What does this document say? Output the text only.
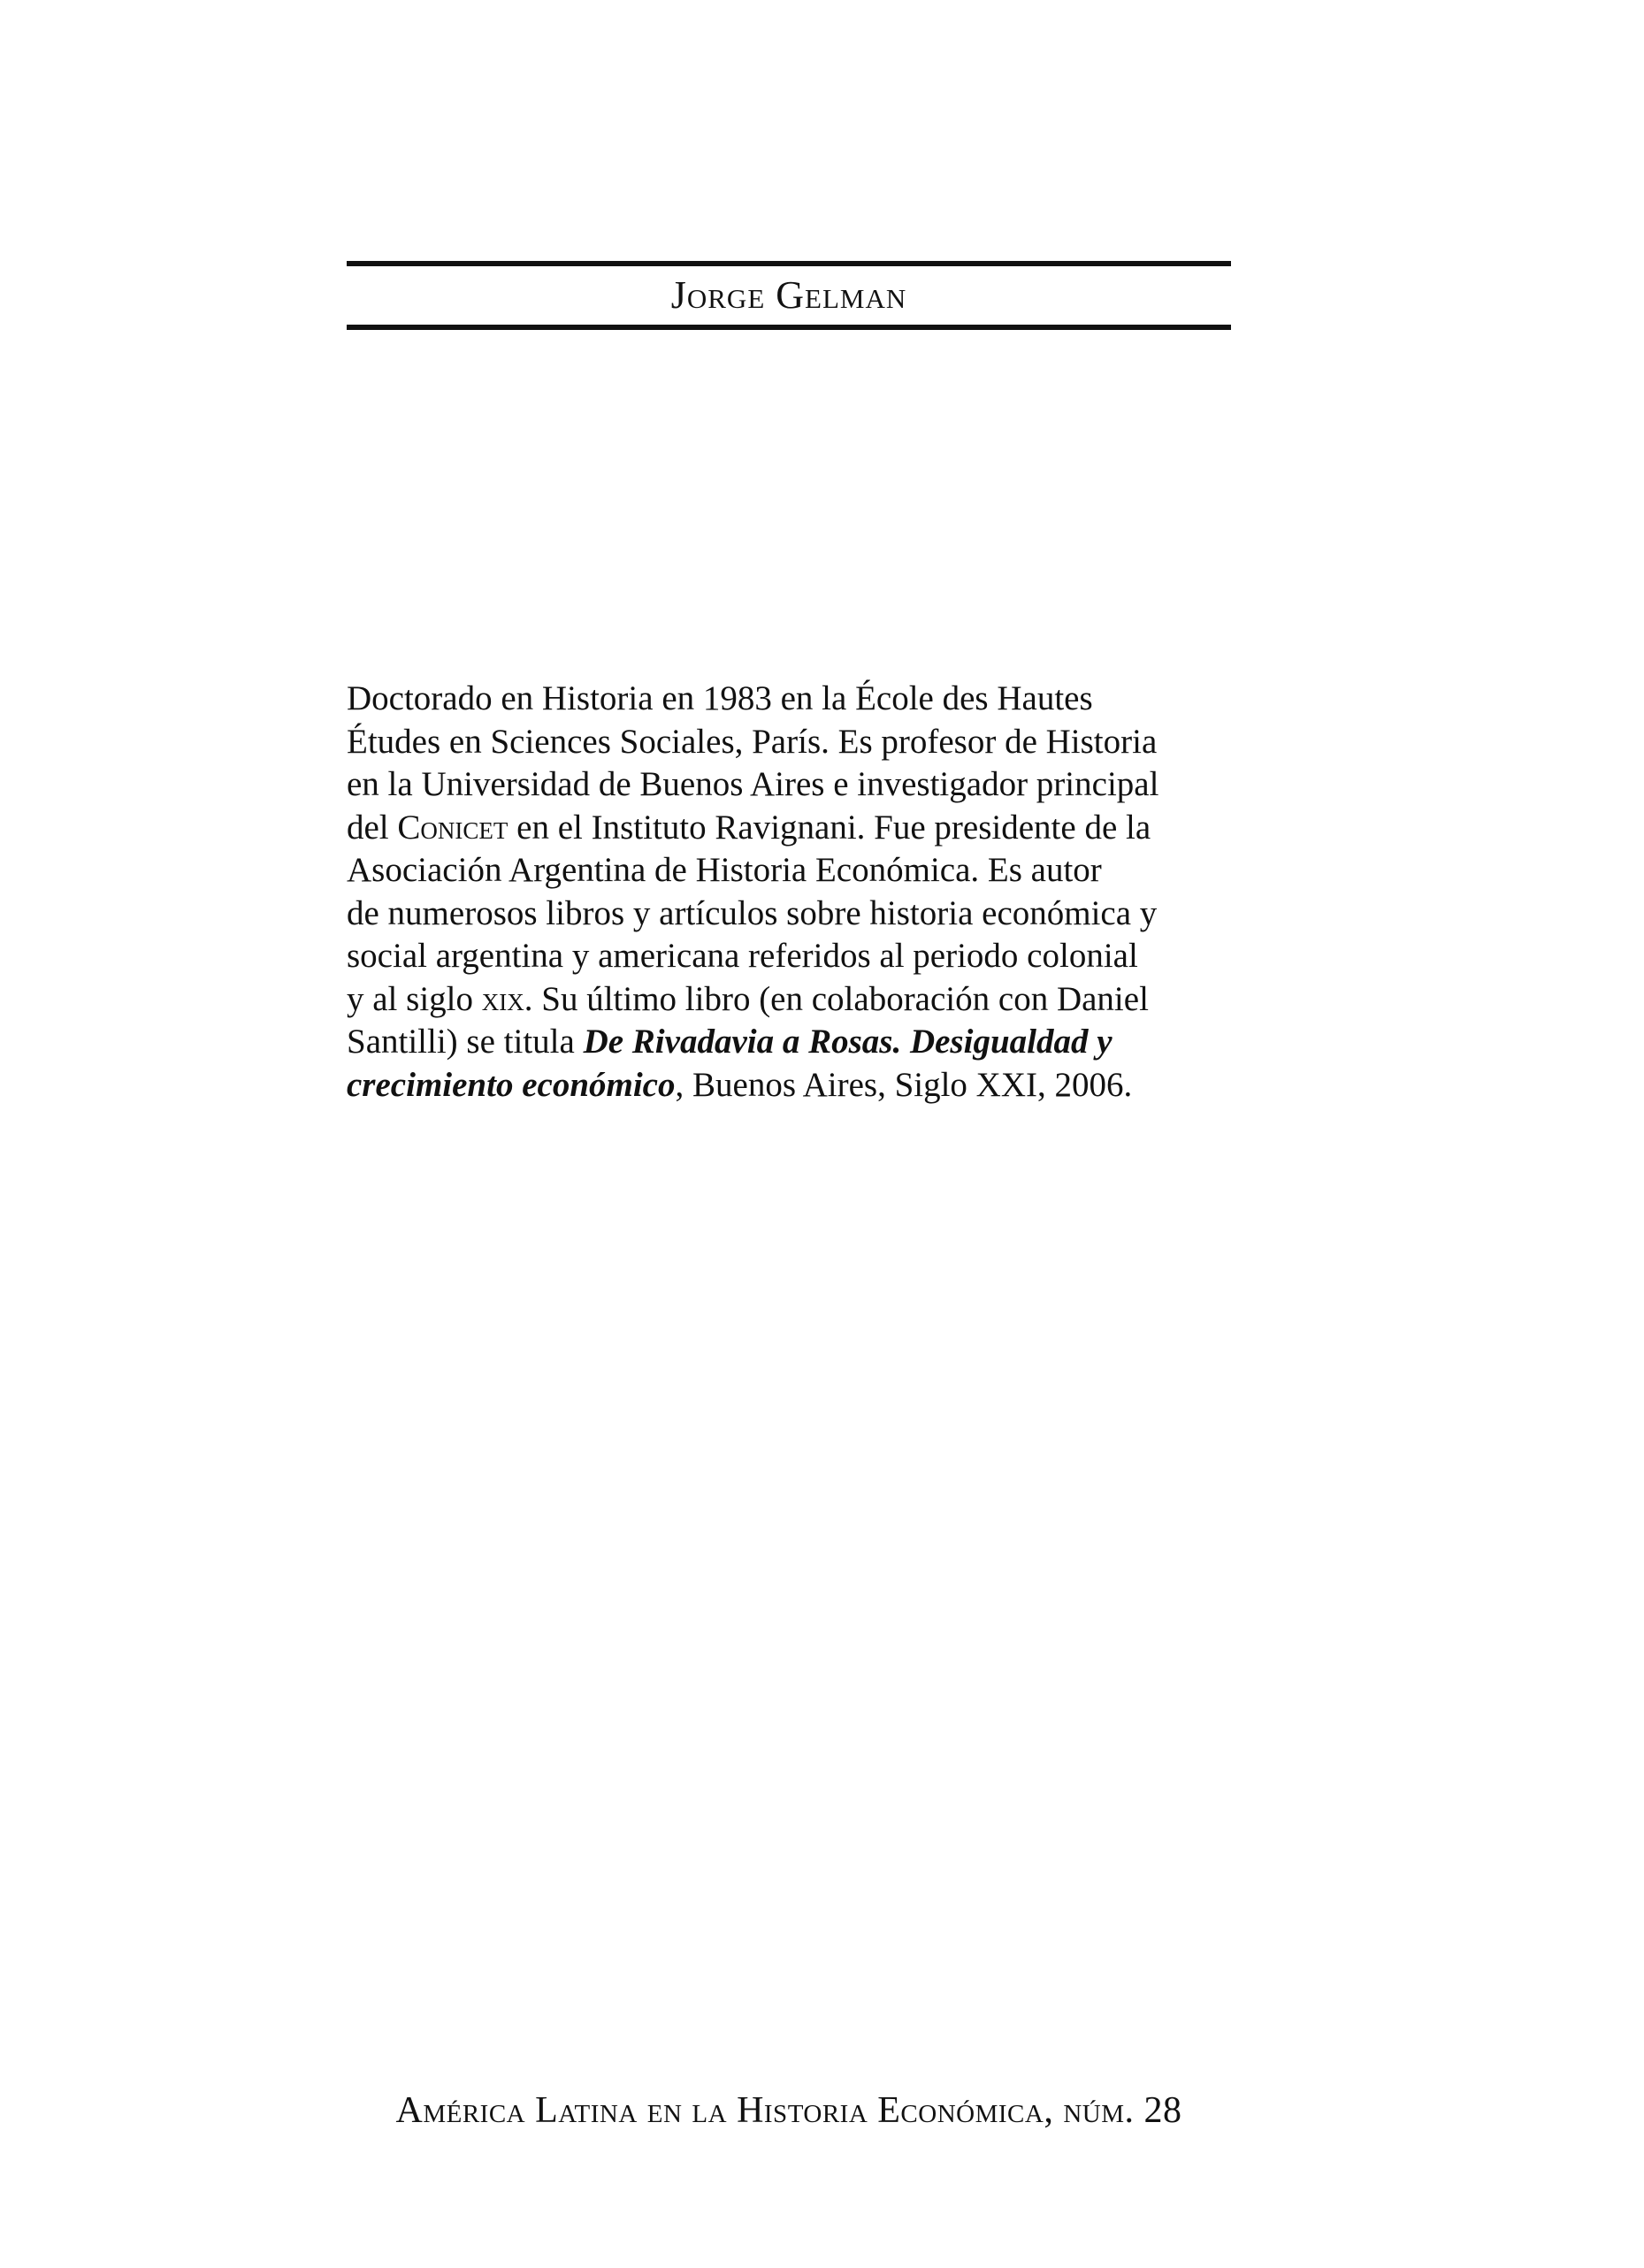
Jorge Gelman
Doctorado en Historia en 1983 en la École des Hautes
Études en Sciences Sociales, París. Es profesor de Historia
en la Universidad de Buenos Aires e investigador principal
del Conicet en el Instituto Ravignani. Fue presidente de la
Asociación Argentina de Historia Económica. Es autor
de numerosos libros y artículos sobre historia económica y
social argentina y americana referidos al periodo colonial
y al siglo xix. Su último libro (en colaboración con Daniel
Santilli) se titula De Rivadavia a Rosas. Desigualdad y
crecimiento económico, Buenos Aires, Siglo XXI, 2006.
América Latina en la Historia Económica, núm. 28
